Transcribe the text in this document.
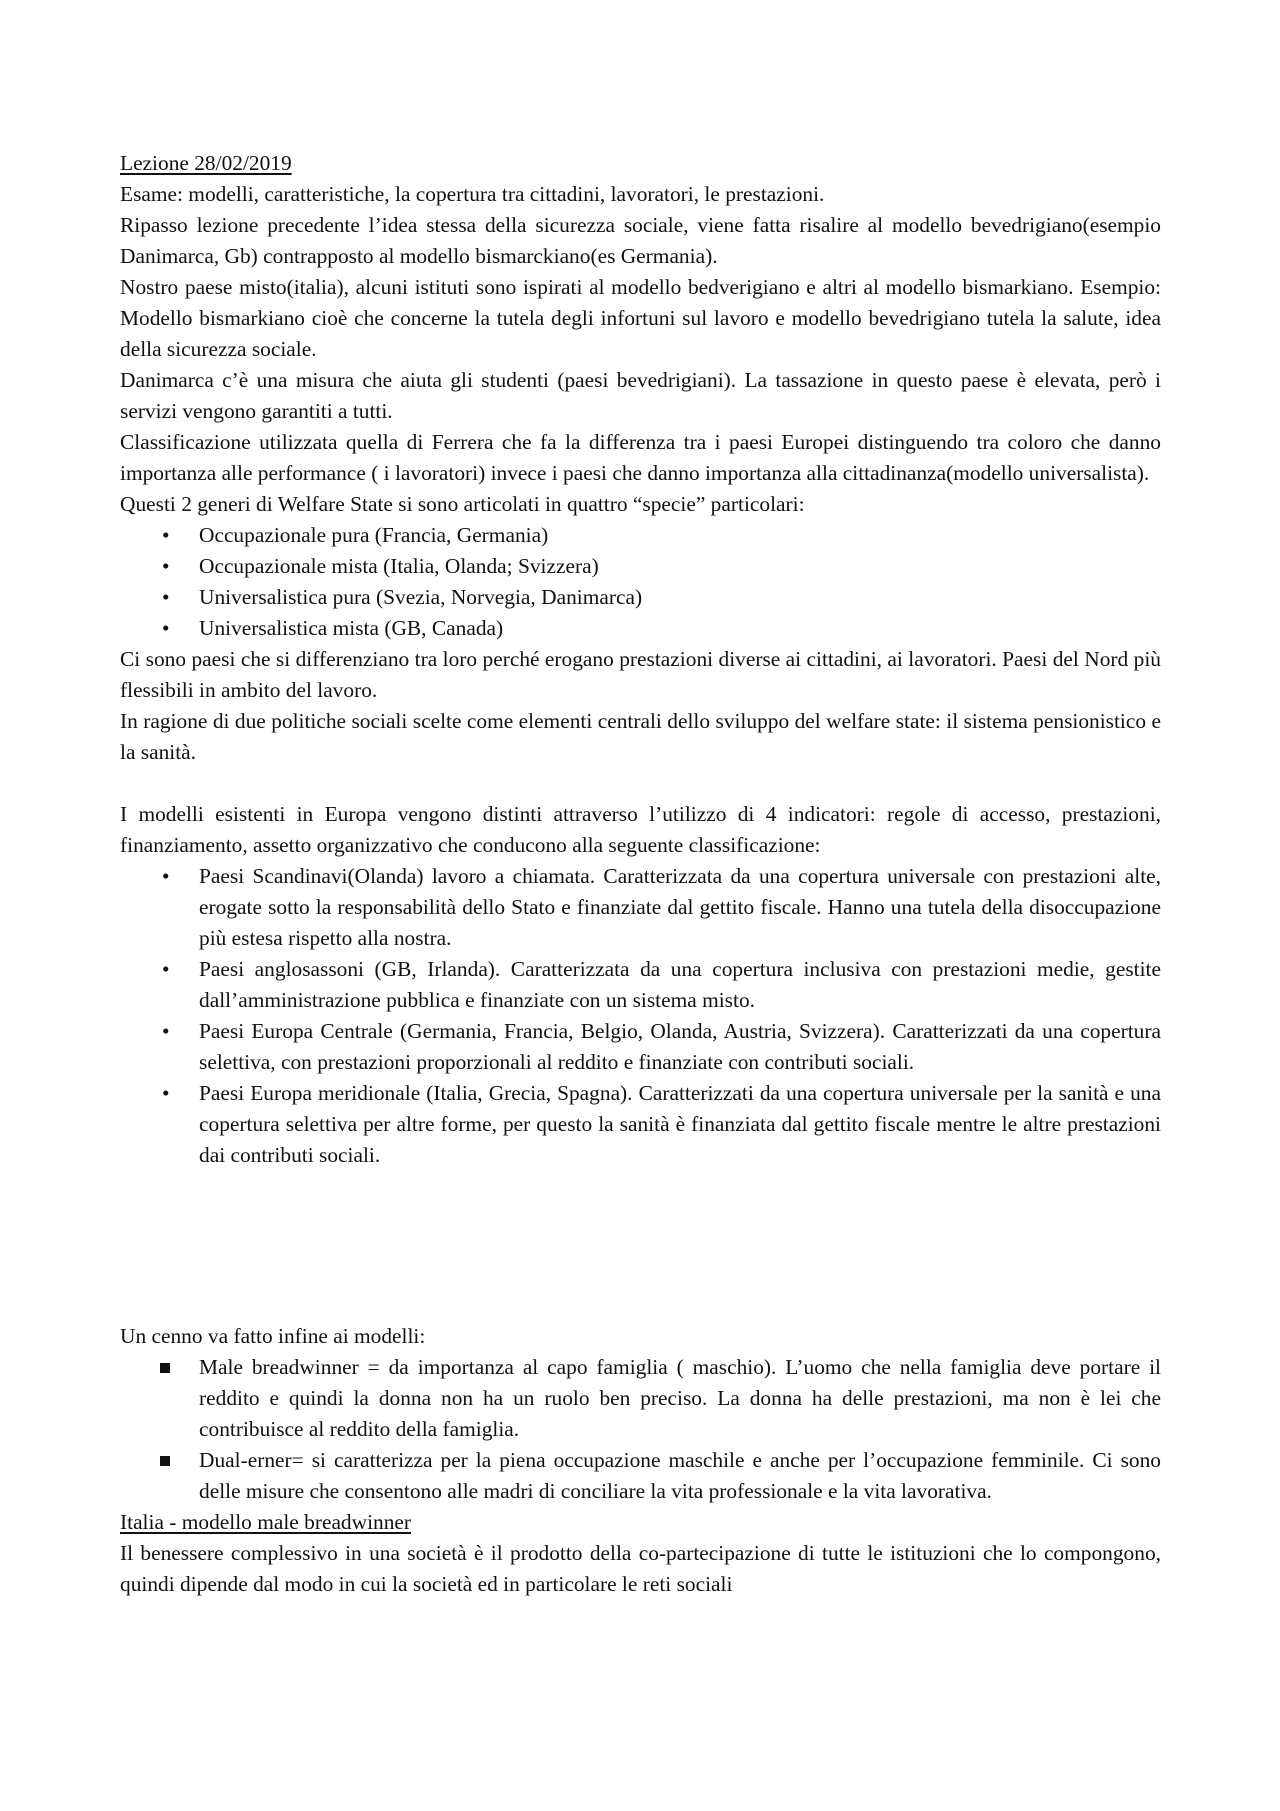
Lezione 28/02/2019

Esame: modelli, caratteristiche, la copertura tra cittadini, lavoratori, le prestazioni.

Ripasso lezione precedente l’idea stessa della sicurezza sociale, viene fatta risalire al modello bevedrigiano(esempio Danimarca, Gb) contrapposto al modello bismarckiano(es Germania).

Nostro paese misto(italia), alcuni istituti sono ispirati al modello bedverigiano e altri al modello bismarkiano. Esempio: Modello bismarkiano cioè che concerne la tutela degli infortuni sul lavoro e modello bevedrigiano tutela la salute, idea della sicurezza sociale.

Danimarca c’è una misura che aiuta gli studenti (paesi bevedrigiani). La tassazione in questo paese è elevata, però i servizi vengono garantiti a tutti.

Classificazione utilizzata quella di Ferrera che fa la differenza tra i paesi Europei distinguendo tra coloro che danno importanza alle performance ( i lavoratori) invece i paesi che danno importanza alla cittadinanza(modello universalista).

Questi 2 generi di Welfare State si sono articolati in quattro “specie” particolari:

• Occupazionale pura (Francia, Germania)
• Occupazionale mista (Italia, Olanda; Svizzera)
• Universalistica pura (Svezia, Norvegia, Danimarca)
• Universalistica mista (GB, Canada)

Ci sono paesi che si differenziano tra loro perché erogano prestazioni diverse ai cittadini, ai lavoratori. Paesi del Nord più flessibili in ambito del lavoro.

In ragione di due politiche sociali scelte come elementi centrali dello sviluppo del welfare state: il sistema pensionistico e la sanità.

I modelli esistenti in Europa vengono distinti attraverso l’utilizzo di 4 indicatori: regole di accesso, prestazioni, finanziamento, assetto organizzativo che conducono alla seguente classificazione:

• Paesi Scandinavi(Olanda) lavoro a chiamata. Caratterizzata da una copertura universale con prestazioni alte, erogate sotto la responsabilità dello Stato e finanziate dal gettito fiscale. Hanno una tutela della disoccupazione più estesa rispetto alla nostra.
• Paesi anglosassoni (GB, Irlanda). Caratterizzata da una copertura inclusiva con prestazioni medie, gestite dall’amministrazione pubblica e finanziate con un sistema misto.
• Paesi Europa Centrale (Germania, Francia, Belgio, Olanda, Austria, Svizzera). Caratterizzati da una copertura selettiva, con prestazioni proporzionali al reddito e finanziate con contributi sociali.
• Paesi Europa meridionale (Italia, Grecia, Spagna). Caratterizzati da una copertura universale per la sanità e una copertura selettiva per altre forme, per questo la sanità è finanziata dal gettito fiscale mentre le altre prestazioni dai contributi sociali.

Un cenno va fatto infine ai modelli:

Male breadwinner = da importanza al capo famiglia ( maschio). L’uomo che nella famiglia deve portare il reddito e quindi la donna non ha un ruolo ben preciso. La donna ha delle prestazioni, ma non è lei che contribuisce al reddito della famiglia.
Dual-erner= si caratterizza per la piena occupazione maschile e anche per l’occupazione femminile. Ci sono delle misure che consentono alle madri di conciliare la vita professionale e la vita lavorativa.

Italia - modello male breadwinner

Il benessere complessivo in una società è il prodotto della co-partecipazione di tutte le istituzioni che lo compongono, quindi dipende dal modo in cui la società ed in particolare le reti sociali
